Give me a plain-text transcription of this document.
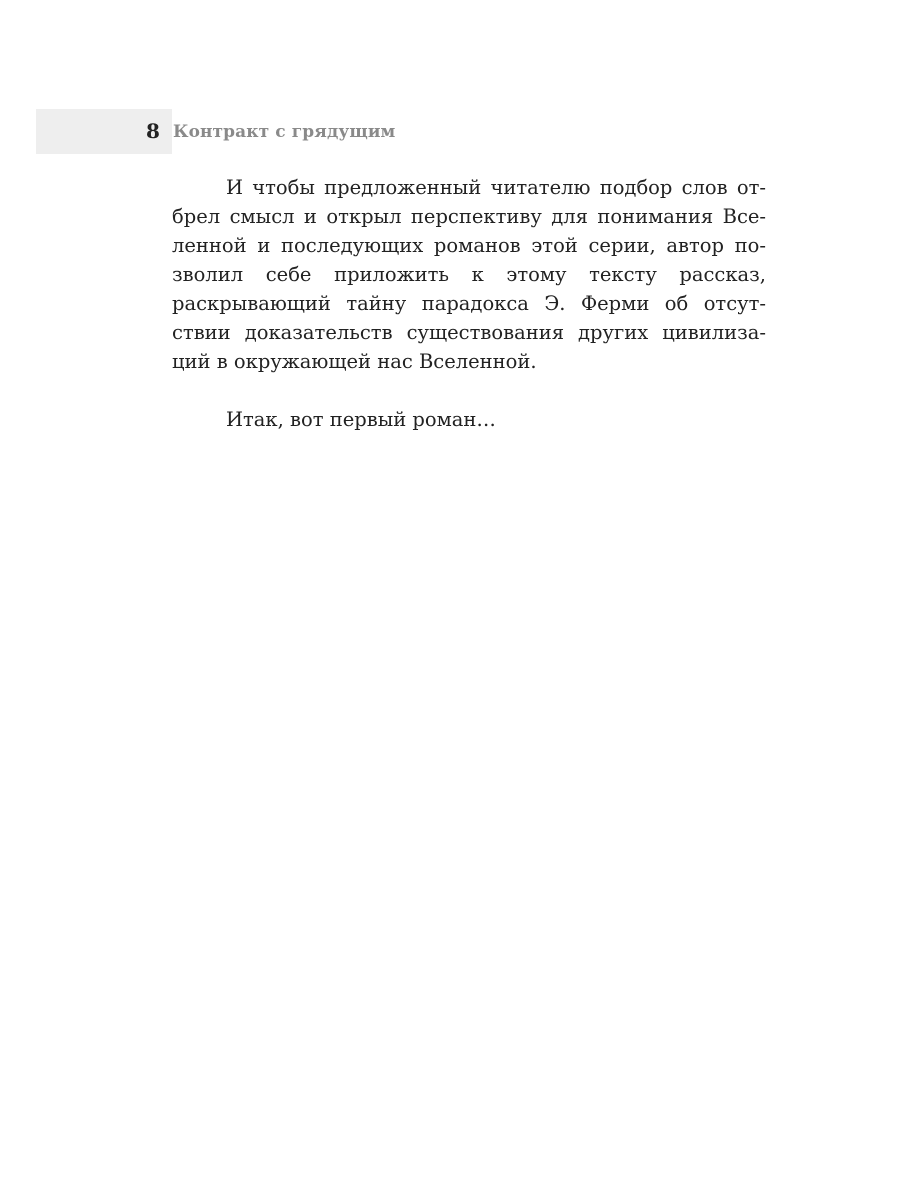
8 Контракт с грядущим
И чтобы предложенный читателю подбор слов от-
брел смысл и открыл перспективу для понимания Все-
ленной и последующих романов этой серии, автор по-
зволил себе приложить к этому тексту рассказ,
раскрывающий тайну парадокса Э. Ферми об отсут-
ствии доказательств существования других цивилиза-
ций в окружающей нас Вселенной.
Итак, вот первый роман…
